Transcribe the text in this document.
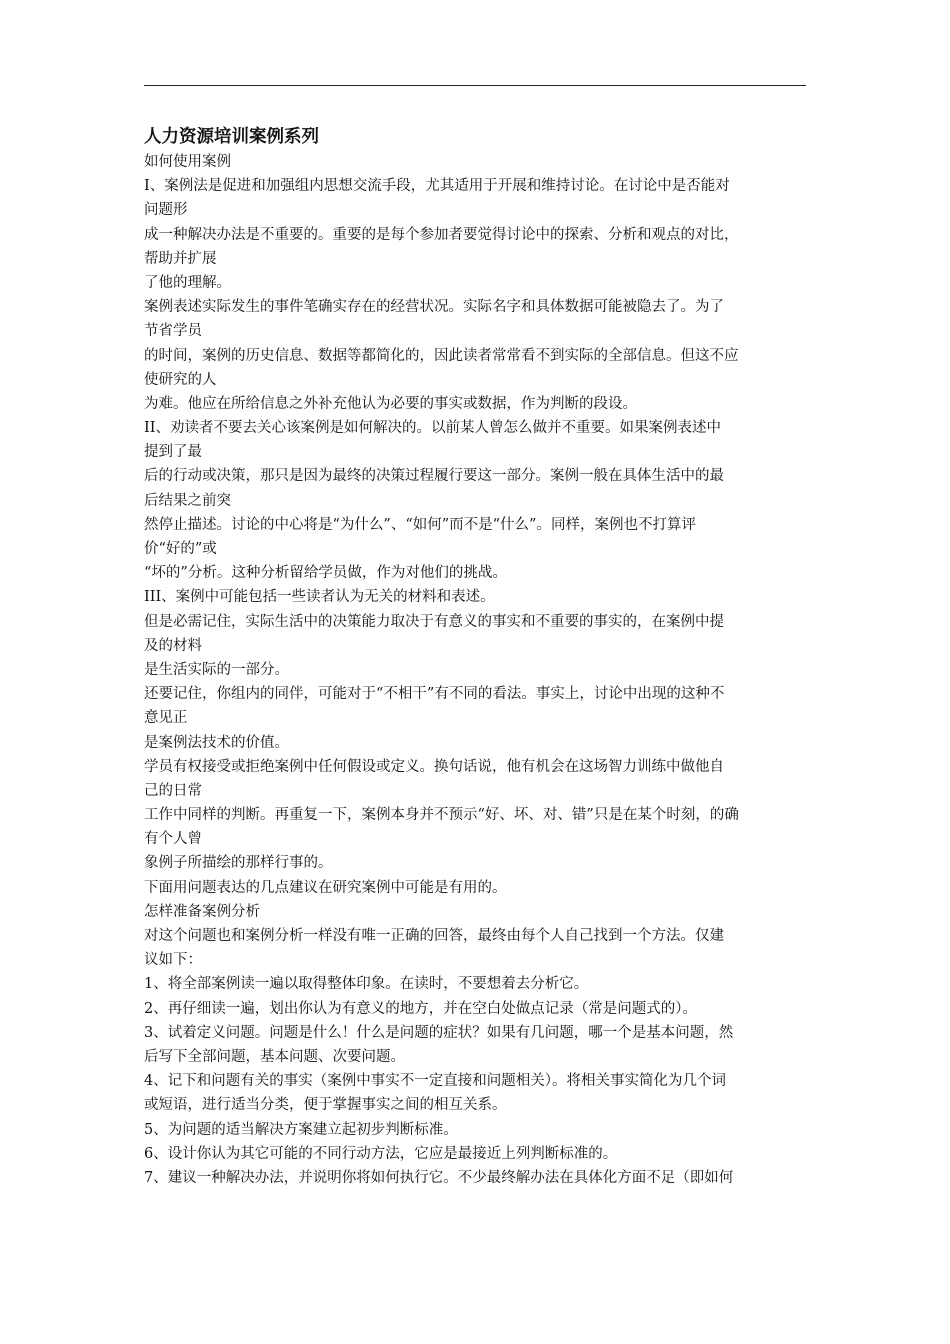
人力资源培训案例系列

如何使用案例

I、案例法是促进和加强组内思想交流手段，尤其适用于开展和维持讨论。在讨论中是否能对

问题形

成一种解决办法是不重要的。重要的是每个参加者要觉得讨论中的探索、分析和观点的对比，

帮助并扩展

了他的理解。

案例表述实际发生的事件笔确实存在的经营状况。实际名字和具体数据可能被隐去了。为了

节省学员

的时间，案例的历史信息、数据等都简化的，因此读者常常看不到实际的全部信息。但这不应

使研究的人

为难。他应在所给信息之外补充他认为必要的事实或数据，作为判断的段设。

II、劝读者不要去关心该案例是如何解决的。以前某人曾怎么做并不重要。如果案例表述中

提到了最

后的行动或决策，那只是因为最终的决策过程履行要这一部分。案例一般在具体生活中的最

后结果之前突

然停止描述。讨论的中心将是“为什么”、“如何”而不是“什么”。同样，案例也不打算评

价“好的”或

“坏的”分析。这种分析留给学员做，作为对他们的挑战。

III、案例中可能包括一些读者认为无关的材料和表述。

但是必需记住，实际生活中的决策能力取决于有意义的事实和不重要的事实的，在案例中提

及的材料

是生活实际的一部分。

还要记住，你组内的同伴，可能对于“不相干”有不同的看法。事实上，讨论中出现的这种不

意见正

是案例法技术的价值。

学员有权接受或拒绝案例中任何假设或定义。换句话说，他有机会在这场智力训练中做他自

己的日常

工作中同样的判断。再重复一下，案例本身并不预示“好、坏、对、错”只是在某个时刻，的确

有个人曾

象例子所描绘的那样行事的。

下面用问题表达的几点建议在研究案例中可能是有用的。

怎样准备案例分析

对这个问题也和案例分析一样没有唯一正确的回答，最终由每个人自己找到一个方法。仅建

议如下：

1、将全部案例读一遍以取得整体印象。在读时，不要想着去分析它。

2、再仔细读一遍，划出你认为有意义的地方，并在空白处做点记录（常是问题式的）。

3、试着定义问题。问题是什么！什么是问题的症状？如果有几问题，哪一个是基本问题，然

后写下全部问题，基本问题、次要问题。

4、记下和问题有关的事实（案例中事实不一定直接和问题相关）。将相关事实简化为几个词

或短语，进行适当分类，便于掌握事实之间的相互关系。

5、为问题的适当解决方案建立起初步判断标准。

6、设计你认为其它可能的不同行动方法，它应是最接近上列判断标准的。

7、建议一种解决办法，并说明你将如何执行它。不少最终解办法在具体化方面不足（即如何
